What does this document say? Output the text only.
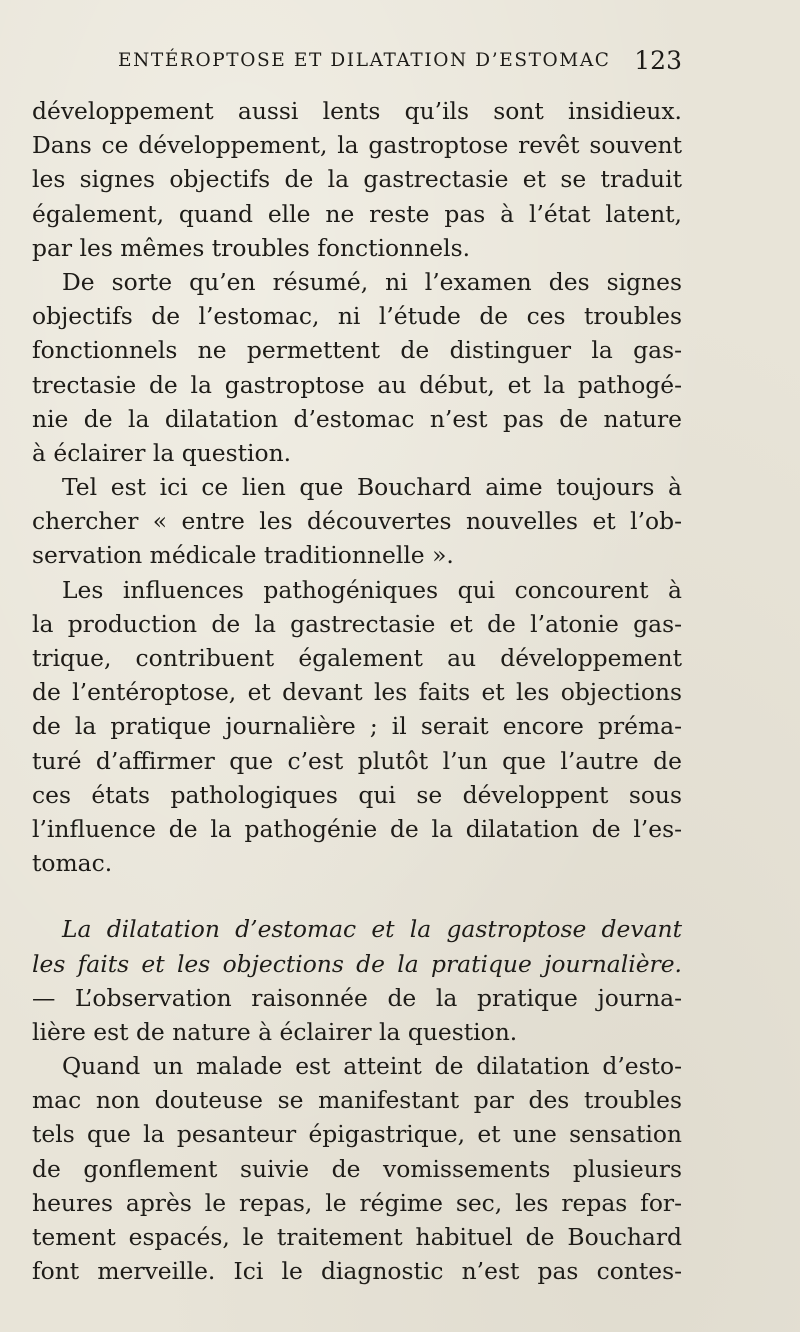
ENTÉROPTOSE ET DILATATION D’ESTOMAC 123
développement aussi lents qu’ils sont insidieux.
Dans ce développement, la gastroptose revêt souvent
les signes objectifs de la gastrectasie et se traduit
également, quand elle ne reste pas à l’état latent,
par les mêmes troubles fonctionnels.
De sorte qu’en résumé, ni l’examen des signes
objectifs de l’estomac, ni l’étude de ces troubles
fonctionnels ne permettent de distinguer la gas-
trectasie de la gastroptose au début, et la pathogé-
nie de la dilatation d’estomac n’est pas de nature
à éclairer la question.
Tel est ici ce lien que Bouchard aime toujours à
chercher « entre les découvertes nouvelles et l’ob-
servation médicale traditionnelle ».
Les influences pathogéniques qui concourent à
la production de la gastrectasie et de l’atonie gas-
trique, contribuent également au développement
de l’entéroptose, et devant les faits et les objections
de la pratique journalière ; il serait encore préma-
turé d’affirmer que c’est plutôt l’un que l’autre de
ces états pathologiques qui se développent sous
l’influence de la pathogénie de la dilatation de l’es-
tomac.
La dilatation d’estomac et la gastroptose devant
les faits et les objections de la pratique journalière.
— L’observation raisonnée de la pratique journa-
lière est de nature à éclairer la question.
Quand un malade est atteint de dilatation d’esto-
mac non douteuse se manifestant par des troubles
tels que la pesanteur épigastrique, et une sensation
de gonflement suivie de vomissements plusieurs
heures après le repas, le régime sec, les repas for-
tement espacés, le traitement habituel de Bouchard
font merveille. Ici le diagnostic n’est pas contes-
